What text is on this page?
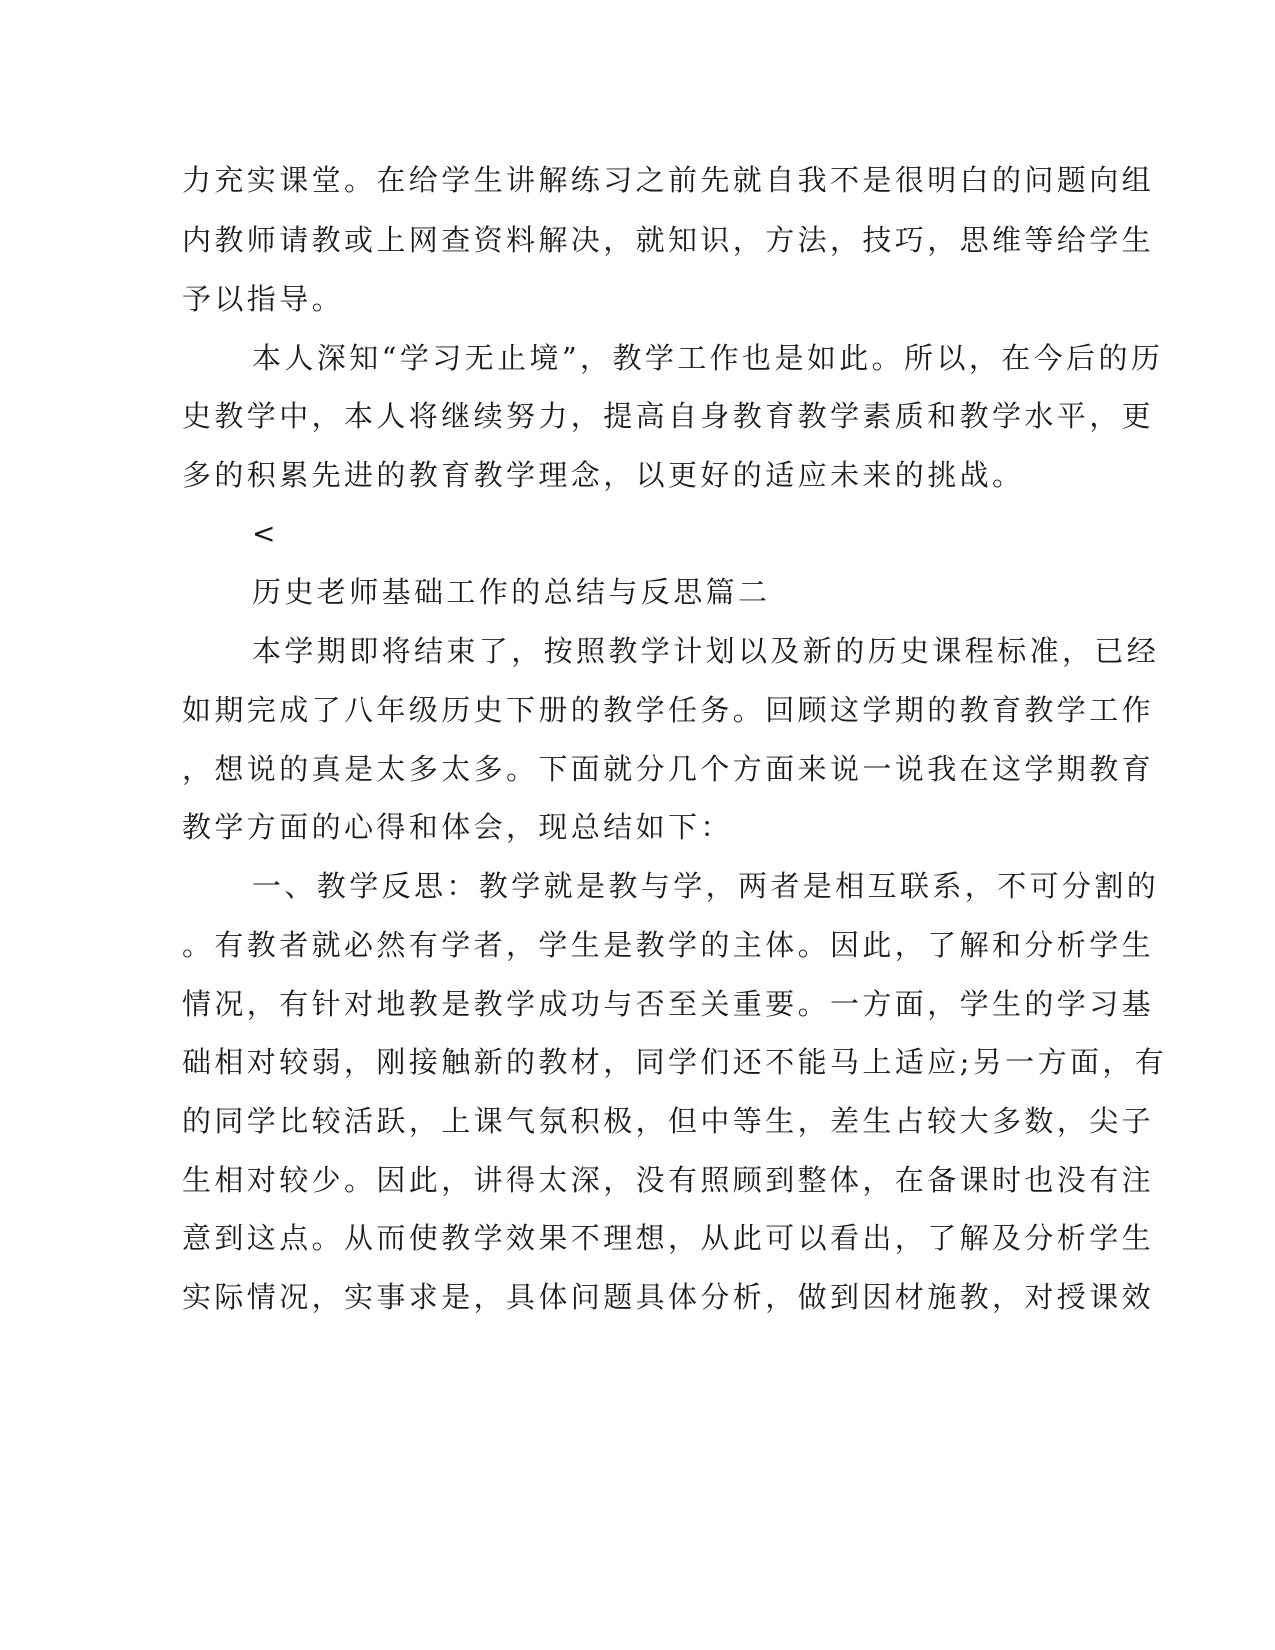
力充实课堂。在给学生讲解练习之前先就自我不是很明白的问题向组
内教师请教或上网查资料解决，就知识，方法，技巧，思维等给学生
予以指导。
本人深知“学习无止境”，教学工作也是如此。所以，在今后的历
史教学中，本人将继续努力，提高自身教育教学素质和教学水平，更
多的积累先进的教育教学理念，以更好的适应未来的挑战。
<
历史老师基础工作的总结与反思篇二
本学期即将结束了，按照教学计划以及新的历史课程标准，已经
如期完成了八年级历史下册的教学任务。回顾这学期的教育教学工作
，想说的真是太多太多。下面就分几个方面来说一说我在这学期教育
教学方面的心得和体会，现总结如下：
一、教学反思：教学就是教与学，两者是相互联系，不可分割的
。有教者就必然有学者，学生是教学的主体。因此，了解和分析学生
情况，有针对地教是教学成功与否至关重要。一方面，学生的学习基
础相对较弱，刚接触新的教材，同学们还不能马上适应;另一方面，有
的同学比较活跃，上课气氛积极，但中等生，差生占较大多数，尖子
生相对较少。因此，讲得太深，没有照顾到整体，在备课时也没有注
意到这点。从而使教学效果不理想，从此可以看出，了解及分析学生
实际情况，实事求是，具体问题具体分析，做到因材施教，对授课效
